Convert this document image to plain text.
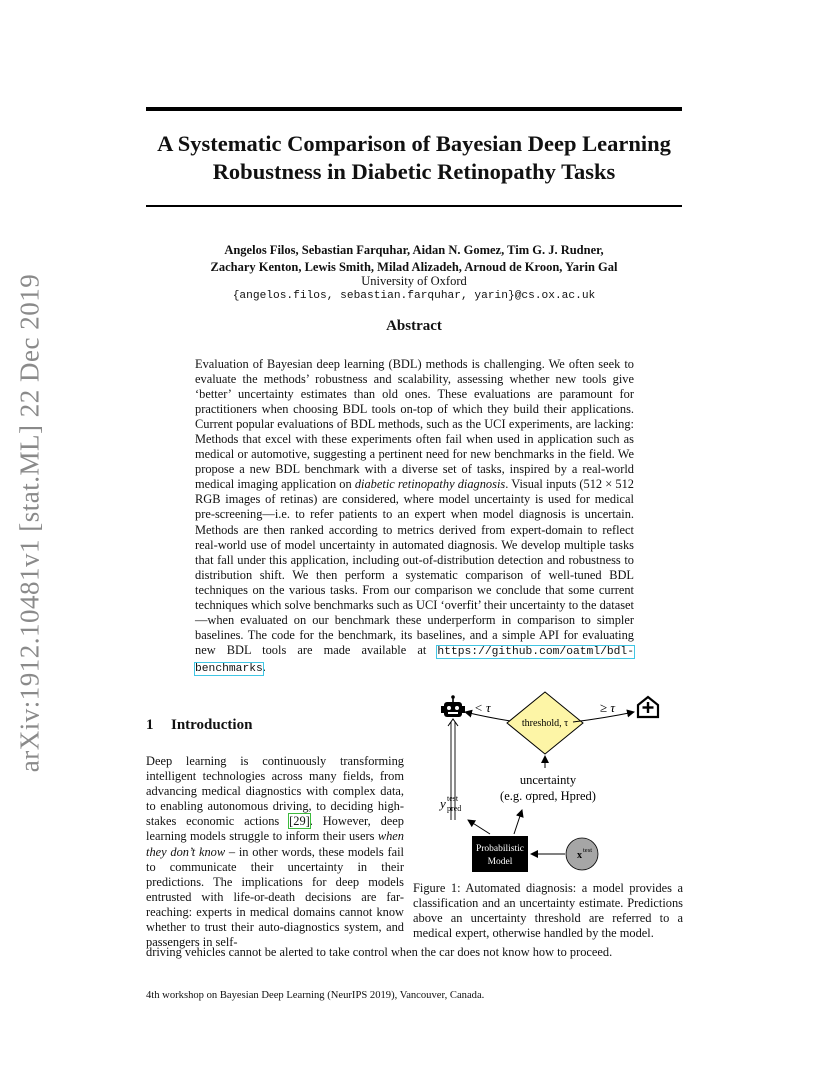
arXiv:1912.10481v1 [stat.ML] 22 Dec 2019
A Systematic Comparison of Bayesian Deep Learning
Robustness in Diabetic Retinopathy Tasks
Angelos Filos, Sebastian Farquhar, Aidan N. Gomez, Tim G. J. Rudner,
Zachary Kenton, Lewis Smith, Milad Alizadeh, Arnoud de Kroon, Yarin Gal
University of Oxford
{angelos.filos, sebastian.farquhar, yarin}@cs.ox.ac.uk
Abstract
Evaluation of Bayesian deep learning (BDL) methods is challenging. We often seek to evaluate the methods’ robustness and scalability, assessing whether new tools give ‘better’ uncertainty estimates than old ones. These evaluations are paramount for practitioners when choosing BDL tools on-top of which they build their applications. Current popular evaluations of BDL methods, such as the UCI experiments, are lacking: Methods that excel with these experiments often fail when used in application such as medical or automotive, suggesting a pertinent need for new benchmarks in the field. We propose a new BDL benchmark with a diverse set of tasks, inspired by a real-world medical imaging application on diabetic retinopathy diagnosis. Visual inputs (512 × 512 RGB images of retinas) are considered, where model uncertainty is used for medical pre-screening—i.e. to refer patients to an expert when model diagnosis is uncertain. Methods are then ranked according to metrics derived from expert-domain to reflect real-world use of model uncertainty in automated diagnosis. We develop multiple tasks that fall under this application, including out-of-distribution detection and robustness to distribution shift. We then perform a systematic comparison of well-tuned BDL techniques on the various tasks. From our comparison we conclude that some current techniques which solve benchmarks such as UCI ‘overfit’ their uncertainty to the dataset—when evaluated on our benchmark these underperform in comparison to simpler baselines. The code for the benchmark, its baselines, and a simple API for evaluating new BDL tools are made available at https://github.com/oatml/bdl-benchmarks.
1 Introduction
Deep learning is continuously transforming intelligent technologies across many fields, from advancing medical diagnostics with complex data, to enabling autonomous driving, to deciding high-stakes economic actions [29]. However, deep learning models struggle to inform their users when they don’t know – in other words, these models fail to communicate their uncertainty in their predictions. The implications for deep models entrusted with life-or-death decisions are far-reaching: experts in medical domains cannot know whether to trust their auto-diagnostics system, and passengers in self-
driving vehicles cannot be alerted to take control when the car does not know how to proceed.
< τ
threshold, τ
≥ τ
uncertainty
(e.g. σpred, Hpred)
y test
pred
Probabilistic
Model
x test
Figure 1: Automated diagnosis: a model provides a classification and an uncertainty estimate. Predictions above an uncertainty threshold are referred to a medical expert, otherwise handled by the model.
4th workshop on Bayesian Deep Learning (NeurIPS 2019), Vancouver, Canada.
